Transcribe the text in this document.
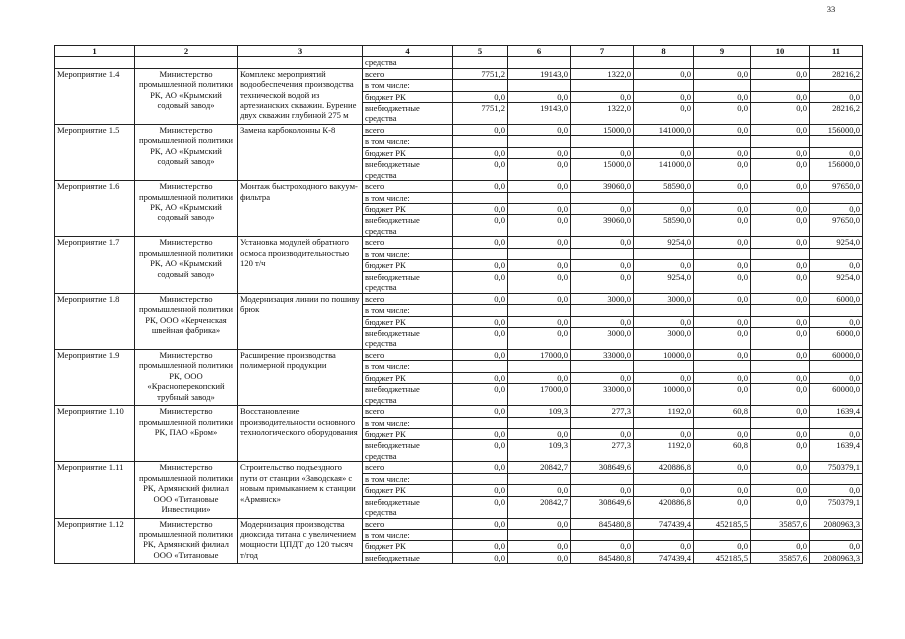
33
1	2	3	4	5	6	7	8	9	10	11
			средства							
Мероприятие 1.4	Министерство промышленной политики РК, АО «Крымский содовый завод»	Комплекс мероприятий водообеспечения производства технической водой из артезианских скважин. Бурение двух скважин глубиной 275 м	всего	7751,2	19143,0	1322,0	0,0	0,0	0,0	28216,2
			в том числе:							
			бюджет РК	0,0	0,0	0,0	0,0	0,0	0,0	0,0
			внебюджетные средства	7751,2	19143,0	1322,0	0,0	0,0	0,0	28216,2
Мероприятие 1.5	Министерство промышленной политики РК, АО «Крымский содовый завод»	Замена карбоколонны К-8	всего	0,0	0,0	15000,0	141000,0	0,0	0,0	156000,0
			в том числе:							
			бюджет РК	0,0	0,0	0,0	0,0	0,0	0,0	0,0
			внебюджетные средства	0,0	0,0	15000,0	141000,0	0,0	0,0	156000,0
Мероприятие 1.6	Министерство промышленной политики РК, АО «Крымский содовый завод»	Монтаж быстроходного вакуум-фильтра	всего	0,0	0,0	39060,0	58590,0	0,0	0,0	97650,0
			в том числе:							
			бюджет РК	0,0	0,0	0,0	0,0	0,0	0,0	0,0
			внебюджетные средства	0,0	0,0	39060,0	58590,0	0,0	0,0	97650,0
Мероприятие 1.7	Министерство промышленной политики РК, АО «Крымский содовый завод»	Установка модулей обратного осмоса производительностью 120 т/ч	всего	0,0	0,0	0,0	9254,0	0,0	0,0	9254,0
			в том числе:							
			бюджет РК	0,0	0,0	0,0	0,0	0,0	0,0	0,0
			внебюджетные средства	0,0	0,0	0,0	9254,0	0,0	0,0	9254,0
Мероприятие 1.8	Министерство промышленной политики РК, ООО «Керченская швейная фабрика»	Модернизация линии по пошиву брюк	всего	0,0	0,0	3000,0	3000,0	0,0	0,0	6000,0
			в том числе:							
			бюджет РК	0,0	0,0	0,0	0,0	0,0	0,0	0,0
			внебюджетные средства	0,0	0,0	3000,0	3000,0	0,0	0,0	6000,0
Мероприятие 1.9	Министерство промышленной политики РК, ООО «Красноперекопский трубный завод»	Расширение производства полимерной продукции	всего	0,0	17000,0	33000,0	10000,0	0,0	0,0	60000,0
			в том числе:							
			бюджет РК	0,0	0,0	0,0	0,0	0,0	0,0	0,0
			внебюджетные средства	0,0	17000,0	33000,0	10000,0	0,0	0,0	60000,0
Мероприятие 1.10	Министерство промышленной политики РК, ПАО «Бром»	Восстановление производительности основного технологического оборудования	всего	0,0	109,3	277,3	1192,0	60,8	0,0	1639,4
			в том числе:							
			бюджет РК	0,0	0,0	0,0	0,0	0,0	0,0	0,0
			внебюджетные средства	0,0	109,3	277,3	1192,0	60,8	0,0	1639,4
Мероприятие 1.11	Министерство промышленной политики РК, Армянский филиал ООО «Титановые Инвестиции»	Строительство подъездного пути от станции «Заводская» с новым примыканием к станции «Армянск»	всего	0,0	20842,7	308649,6	420886,8	0,0	0,0	750379,1
			в том числе:							
			бюджет РК	0,0	0,0	0,0	0,0	0,0	0,0	0,0
			внебюджетные средства	0,0	20842,7	308649,6	420886,8	0,0	0,0	750379,1
Мероприятие 1.12	Министерство промышленной политики РК, Армянский филиал ООО «Титановые	Модернизация производства диоксида титана с увеличением мощности ЦПДТ до 120 тысяч т/год	всего	0,0	0,0	845480,8	747439,4	452185,5	35857,6	2080963,3
			в том числе:							
			бюджет РК	0,0	0,0	0,0	0,0	0,0	0,0	0,0
			внебюджетные	0,0	0,0	845480,8	747439,4	452185,5	35857,6	2080963,3
